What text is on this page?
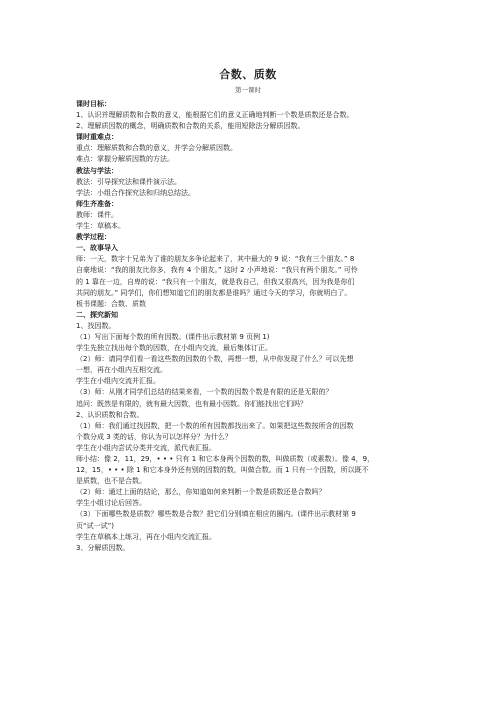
合数、质数
第一课时
课时目标：
1、认识并理解质数和合数的意义，能根据它们的意义正确地判断一个数是质数还是合数。
2、理解质因数的概念，明确质数和合数的关系，能用短除法分解质因数。
课时重难点：
重点：理解质数和合数的意义，并学会分解质因数。
难点：掌握分解质因数的方法。
教法与学法：
教法：引导探究法和课件演示法。
学法：小组合作探究法和归纳总结法。
师生齐准备：
教师：课件。
学生：草稿本。
教学过程：
一、故事导入
师：一天，数字十兄弟为了谁的朋友多争论起来了，其中最大的 9 说：“我有三个朋友。” 8
自豪地说：“我的朋友比你多，我有 4 个朋友。” 这时 2 小声地说：“我只有两个朋友。” 可怜
的 1 靠在一边，自卑的说：“我只有一个朋友，就是我自己，但我又很高兴，因为我是你们
共同的朋友。” 同学们，你们想知道它们的朋友都是谁吗？通过今天的学习，你就明白了。
板书课题：合数、质数
二、探究新知
1、找因数。
（1）写出下面每个数的所有因数。(课件出示教材第 9 页例 1)
学生先独立找出每个数的因数，在小组内交流，最后集体订正。
（2）师：请同学们看一看这些数的因数的个数，再想一想，从中你发现了什么？可以先想
一想，再在小组内互相交流。
学生在小组内交流并汇报。
（3）师：从刚才同学们总结的结果来看，一个数的因数个数是有限的还是无限的？
追问：既然是有限的，就有最大因数，也有最小因数。你们能找出它们吗？
2、认识质数和合数。
（1）师：我们通过找因数，把一个数的所有因数都找出来了。如果把这些数按所含的因数
个数分成 3 类的话，你认为可以怎样分？为什么？
学生在小组内尝试分类并交流，派代表汇报。
师小结：像 2，11，29，• • • 只有 1 和它本身两个因数的数，叫做质数（或素数）。像 4，9，
12，15，• • • 除 1 和它本身外还有别的因数的数，叫做合数。而 1 只有一个因数，所以既不
是质数，也不是合数。
（2）师：通过上面的结论，那么，你知道如何来判断一个数是质数还是合数吗？
学生小组讨论后回答。
（3）下面哪些数是质数？哪些数是合数？把它们分别填在相应的圈内。(课件出示教材第 9
页“试一试”)
学生在草稿本上练习，再在小组内交流汇报。
3、分解质因数。
